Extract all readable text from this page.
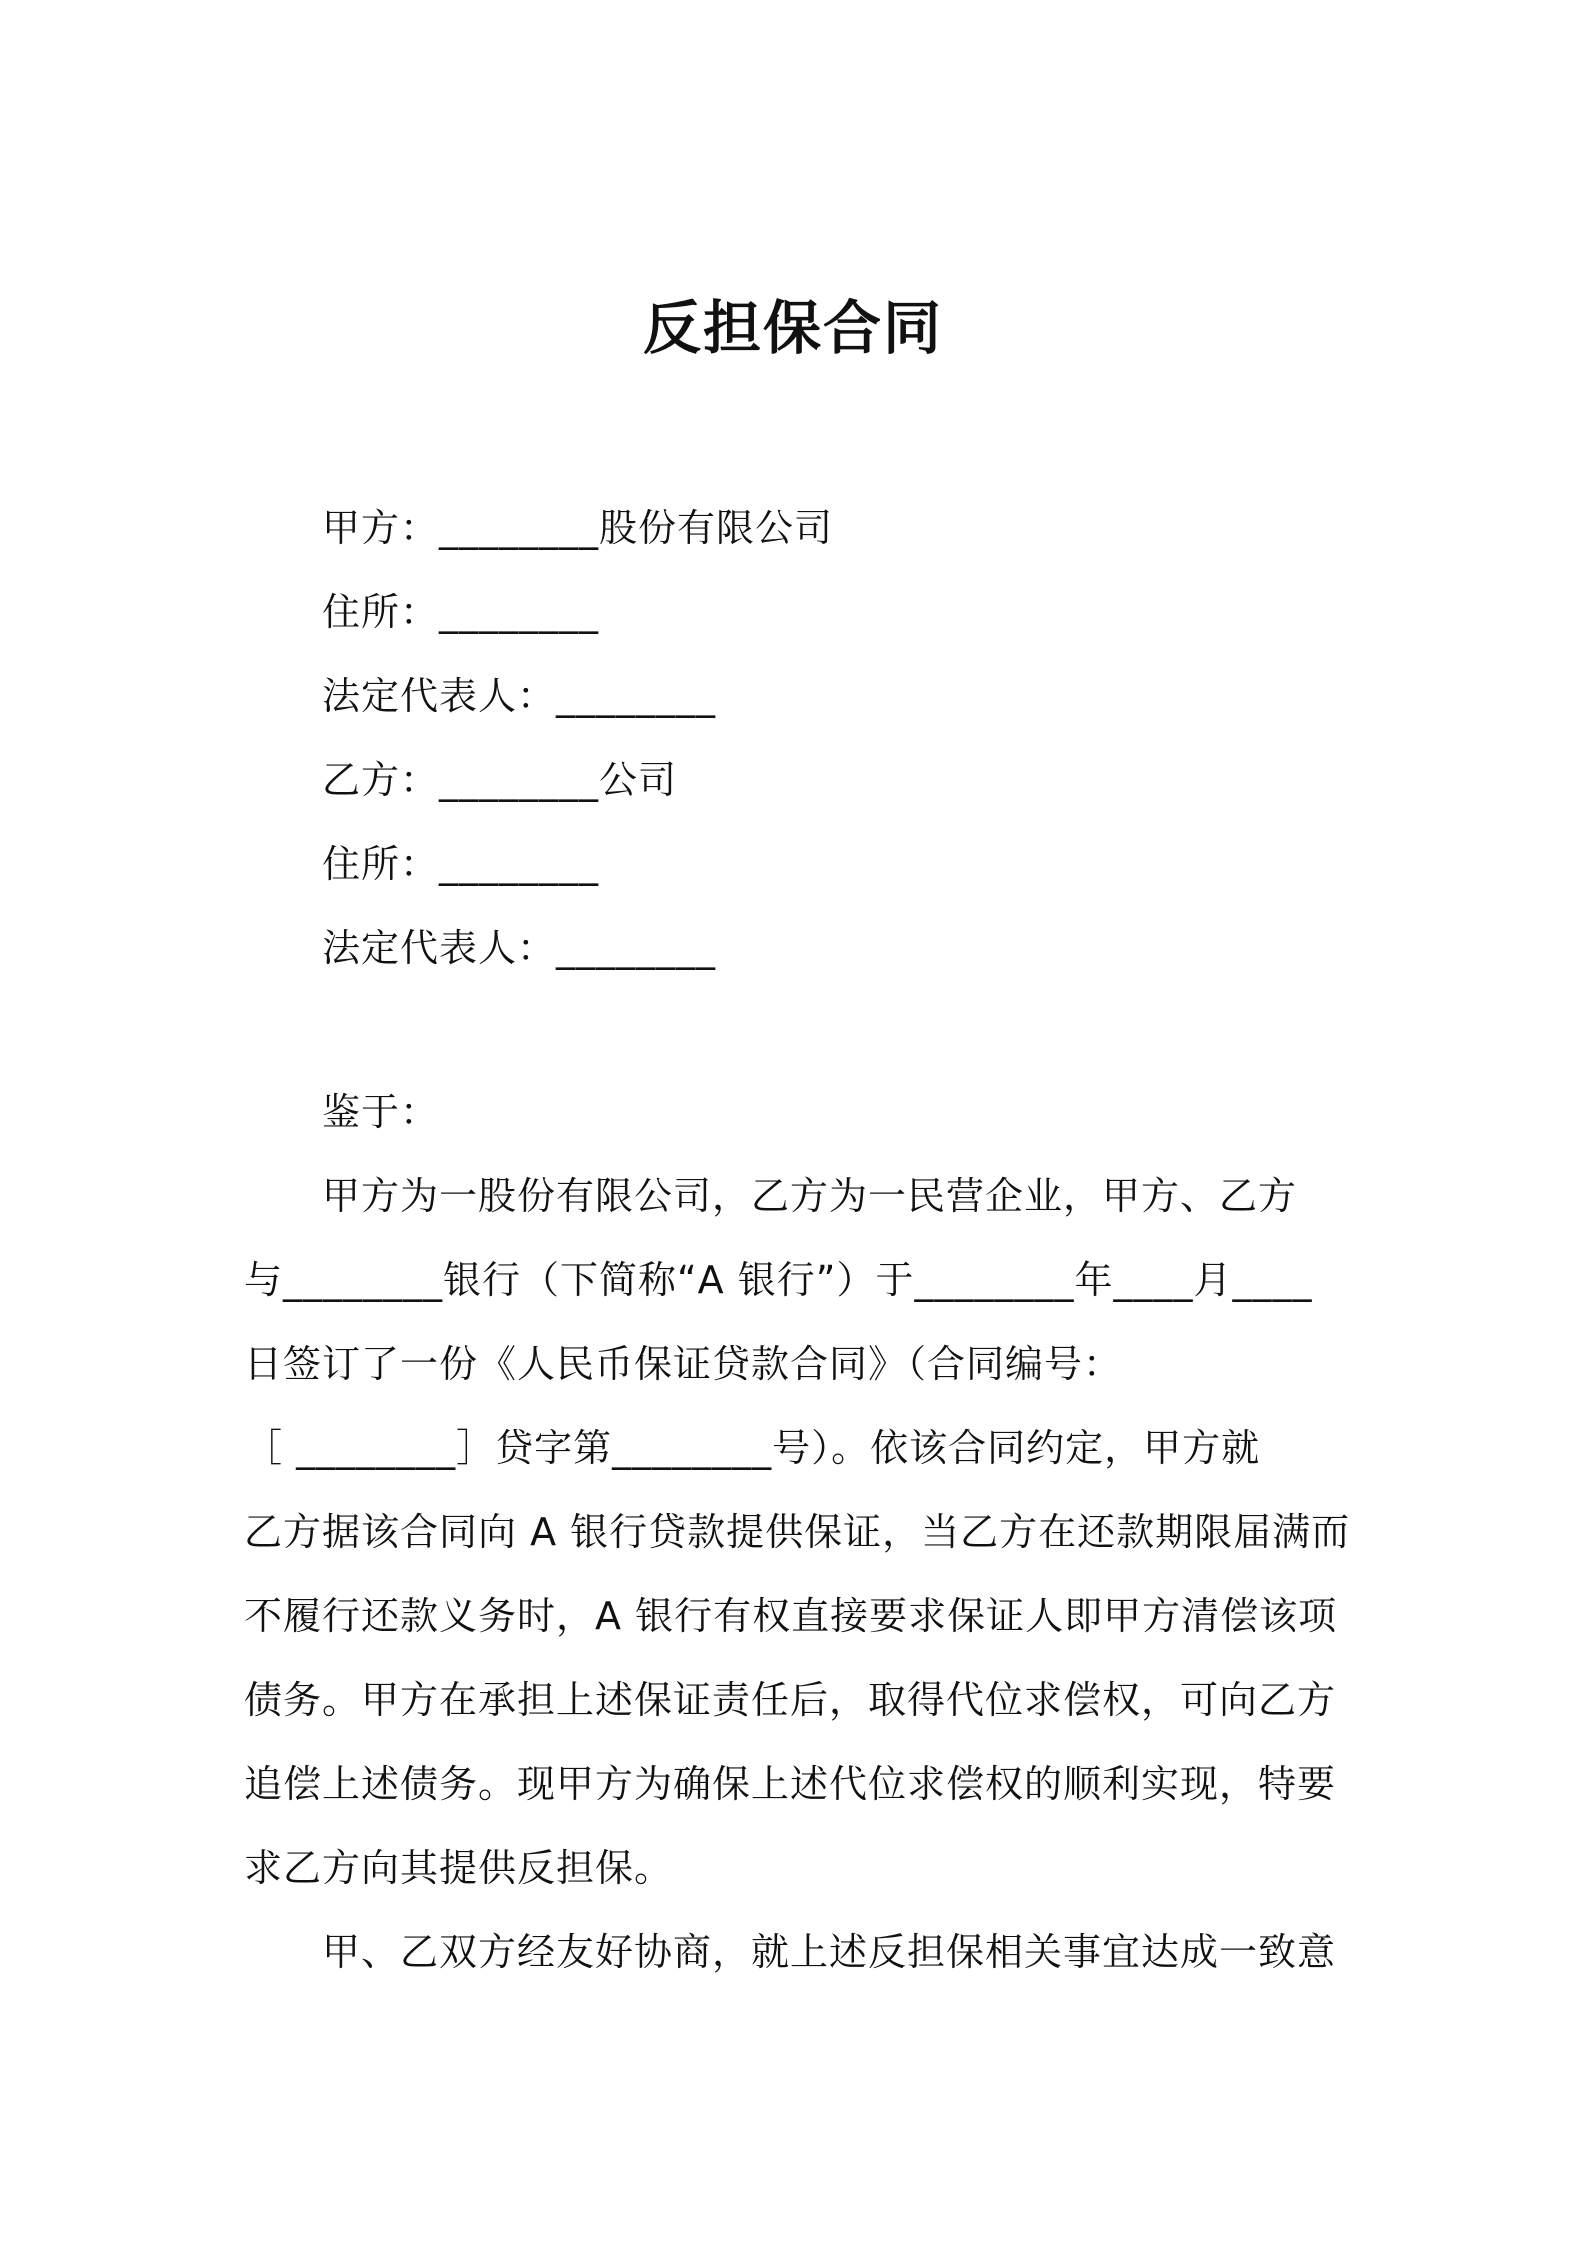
反担保合同
甲方：________股份有限公司
住所：________
法定代表人：________
乙方：________公司
住所：________
法定代表人：________
鉴于：
甲方为一股份有限公司，乙方为一民营企业，甲方、乙方
与________银行（下简称“A 银行”）于________年____月____
日签订了一份《人民币保证贷款合同》（合同编号：
［ ________］贷字第________号）。依该合同约定，甲方就
乙方据该合同向 A 银行贷款提供保证，当乙方在还款期限届满而
不履行还款义务时，A 银行有权直接要求保证人即甲方清偿该项
债务。甲方在承担上述保证责任后，取得代位求偿权，可向乙方
追偿上述债务。现甲方为确保上述代位求偿权的顺利实现，特要
求乙方向其提供反担保。
甲、乙双方经友好协商，就上述反担保相关事宜达成一致意
